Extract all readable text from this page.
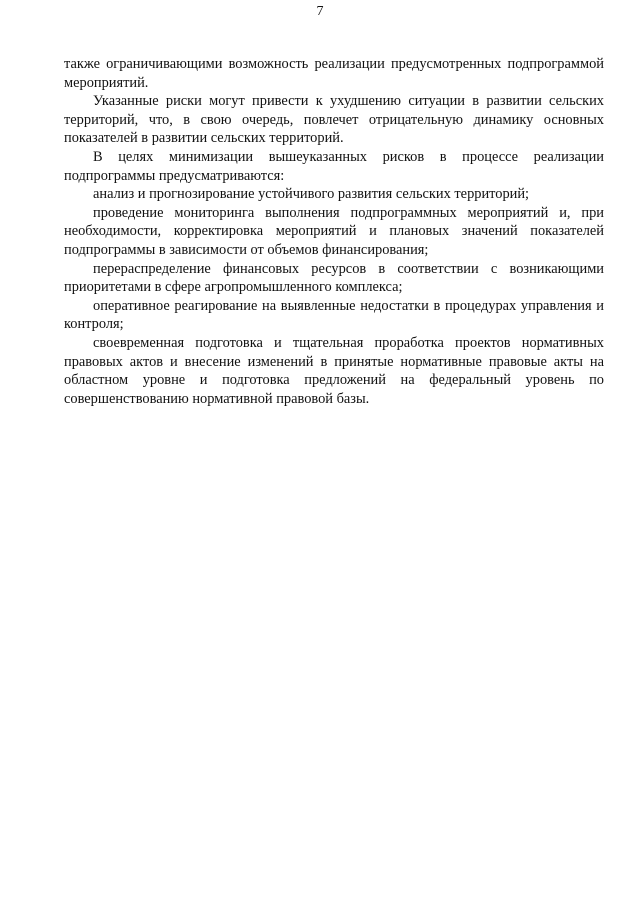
7

также ограничивающими возможность реализации предусмотренных подпрограммой мероприятий.

Указанные риски могут привести к ухудшению ситуации в развитии сельских территорий, что, в свою очередь, повлечет отрицательную динамику основных показателей в развитии сельских территорий.

В целях минимизации вышеуказанных рисков в процессе реализации подпрограммы предусматриваются:

анализ и прогнозирование устойчивого развития сельских территорий;

проведение мониторинга выполнения подпрограммных мероприятий и, при необходимости, корректировка мероприятий и плановых значений показателей подпрограммы в зависимости от объемов финансирования;

перераспределение финансовых ресурсов в соответствии с возникающими приоритетами в сфере агропромышленного комплекса;

оперативное реагирование на выявленные недостатки в процедурах управления и контроля;

своевременная подготовка и тщательная проработка проектов нормативных правовых актов и внесение изменений в принятые нормативные правовые акты на областном уровне и подготовка предложений на федеральный уровень по совершенствованию нормативной правовой базы.
